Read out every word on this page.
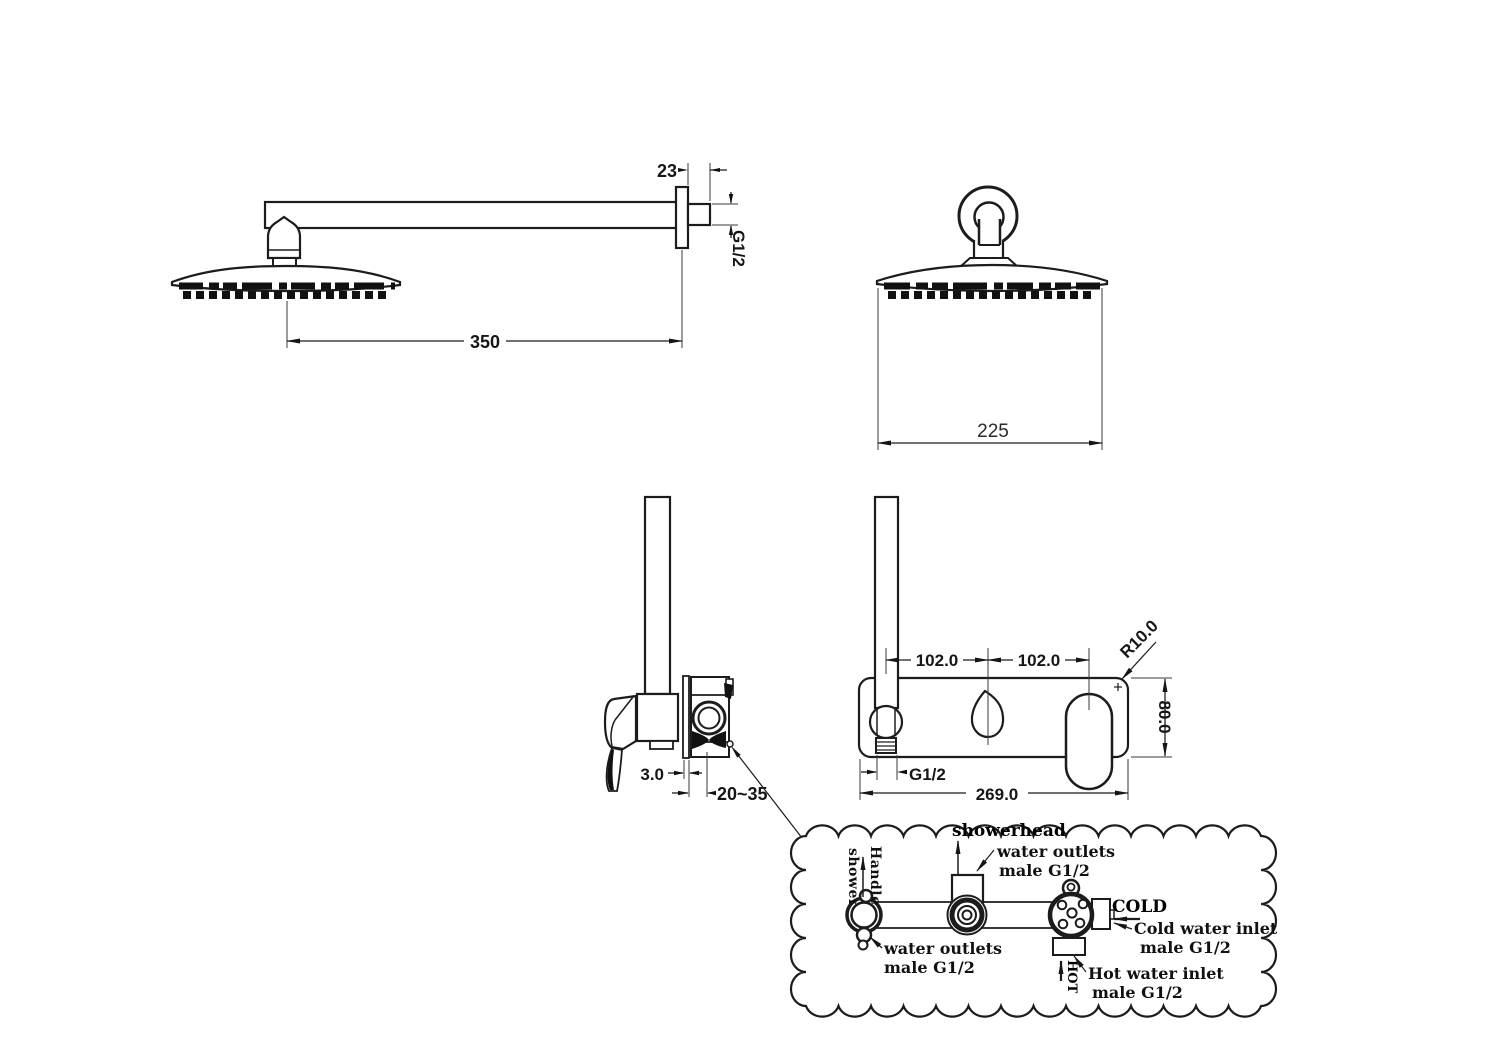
23
G1/2
350
225
3.0
20~35
102.0	102.0	R10.0
80.0
G1/2
269.0
showerhead
water outlets
male G1/2
Handle
shower
water outlets
male G1/2
COLD
Cold water inlet
male G1/2
HOT Hot water inlet
male G1/2
